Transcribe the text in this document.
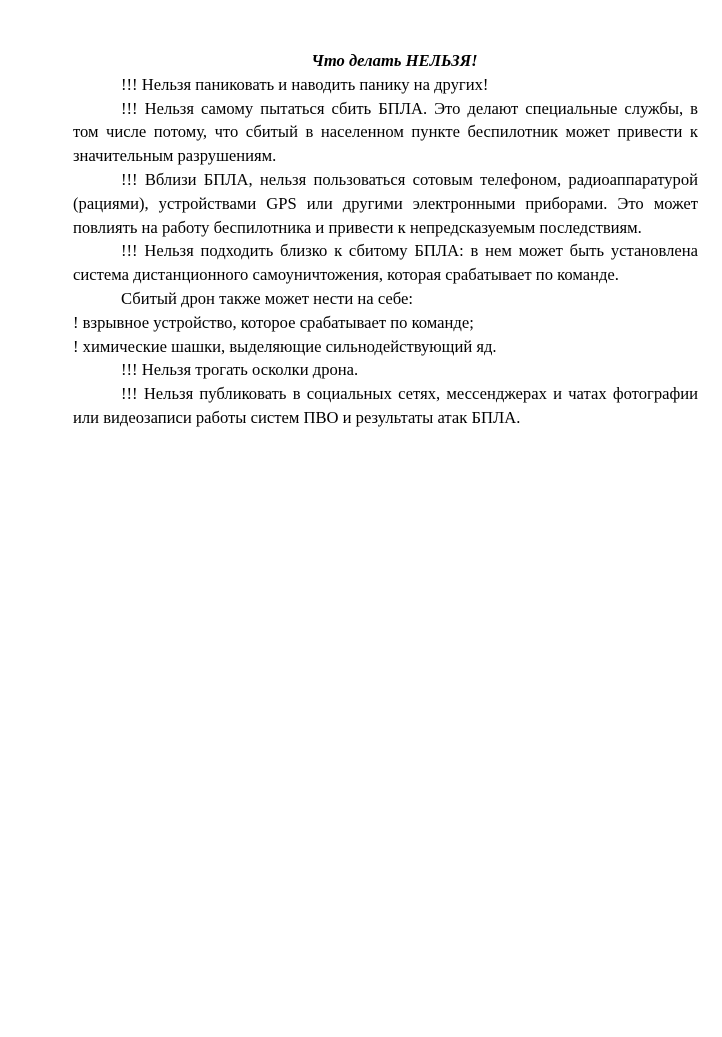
Что делать НЕЛЬЗЯ!

!!! Нельзя паниковать и наводить панику на других!

!!! Нельзя самому пытаться сбить БПЛА. Это делают специальные службы, в том числе потому, что сбитый в населенном пункте беспилотник может привести к значительным разрушениям.

!!! Вблизи БПЛА, нельзя пользоваться сотовым телефоном, радиоаппаратурой (рациями), устройствами GPS или другими электронными приборами. Это может повлиять на работу беспилотника и привести к непредсказуемым последствиям.

!!! Нельзя подходить близко к сбитому БПЛА: в нем может быть установлена система дистанционного самоуничтожения, которая срабатывает по команде.

Сбитый дрон также может нести на себе:

! взрывное устройство, которое срабатывает по команде;

! химические шашки, выделяющие сильнодействующий яд.

!!! Нельзя трогать осколки дрона.

!!! Нельзя публиковать в социальных сетях, мессенджерах и чатах фотографии или видеозаписи работы систем ПВО и результаты атак БПЛА.
